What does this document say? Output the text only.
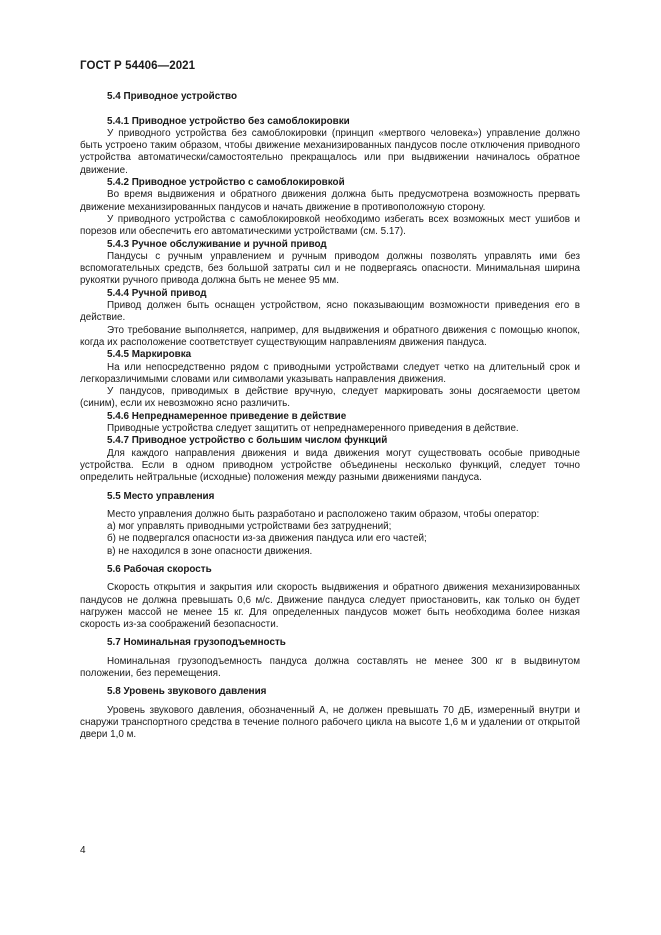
ГОСТ Р 54406—2021

5.4 Приводное устройство

5.4.1 Приводное устройство без самоблокировки

У приводного устройства без самоблокировки (принцип «мертвого человека») управление должно быть устроено таким образом, чтобы движение механизированных пандусов после отключения приводного устройства автоматически/самостоятельно прекращалось или при выдвижении начиналось обратное движение.

5.4.2 Приводное устройство с самоблокировкой

Во время выдвижения и обратного движения должна быть предусмотрена возможность прервать движение механизированных пандусов и начать движение в противоположную сторону.

У приводного устройства с самоблокировкой необходимо избегать всех возможных мест ушибов и порезов или обеспечить его автоматическими устройствами (см. 5.17).

5.4.3 Ручное обслуживание и ручной привод

Пандусы с ручным управлением и ручным приводом должны позволять управлять ими без вспомогательных средств, без большой затраты сил и не подвергаясь опасности. Минимальная ширина рукоятки ручного привода должна быть не менее 95 мм.

5.4.4 Ручной привод

Привод должен быть оснащен устройством, ясно показывающим возможности приведения его в действие.

Это требование выполняется, например, для выдвижения и обратного движения с помощью кнопок, когда их расположение соответствует существующим направлениям движения пандуса.

5.4.5 Маркировка

На или непосредственно рядом с приводными устройствами следует четко на длительный срок и легкоразличимыми словами или символами указывать направления движения.

У пандусов, приводимых в действие вручную, следует маркировать зоны досягаемости цветом (синим), если их невозможно ясно различить.

5.4.6 Непреднамеренное приведение в действие

Приводные устройства следует защитить от непреднамеренного приведения в действие.

5.4.7 Приводное устройство с большим числом функций

Для каждого направления движения и вида движения могут существовать особые приводные устройства. Если в одном приводном устройстве объединены несколько функций, следует точно определить нейтральные (исходные) положения между разными движениями пандуса.

5.5 Место управления

Место управления должно быть разработано и расположено таким образом, чтобы оператор:

а) мог управлять приводными устройствами без затруднений;

б) не подвергался опасности из-за движения пандуса или его частей;

в) не находился в зоне опасности движения.

5.6 Рабочая скорость

Скорость открытия и закрытия или скорость выдвижения и обратного движения механизированных пандусов не должна превышать 0,6 м/с. Движение пандуса следует приостановить, как только он будет нагружен массой не менее 15 кг. Для определенных пандусов может быть необходима более низкая скорость из-за соображений безопасности.

5.7 Номинальная грузоподъемность

Номинальная грузоподъемность пандуса должна составлять не менее 300 кг в выдвинутом положении, без перемещения.

5.8 Уровень звукового давления

Уровень звукового давления, обозначенный А, не должен превышать 70 дБ, измеренный внутри и снаружи транспортного средства в течение полного рабочего цикла на высоте 1,6 м и удалении от открытой двери 1,0 м.

4
